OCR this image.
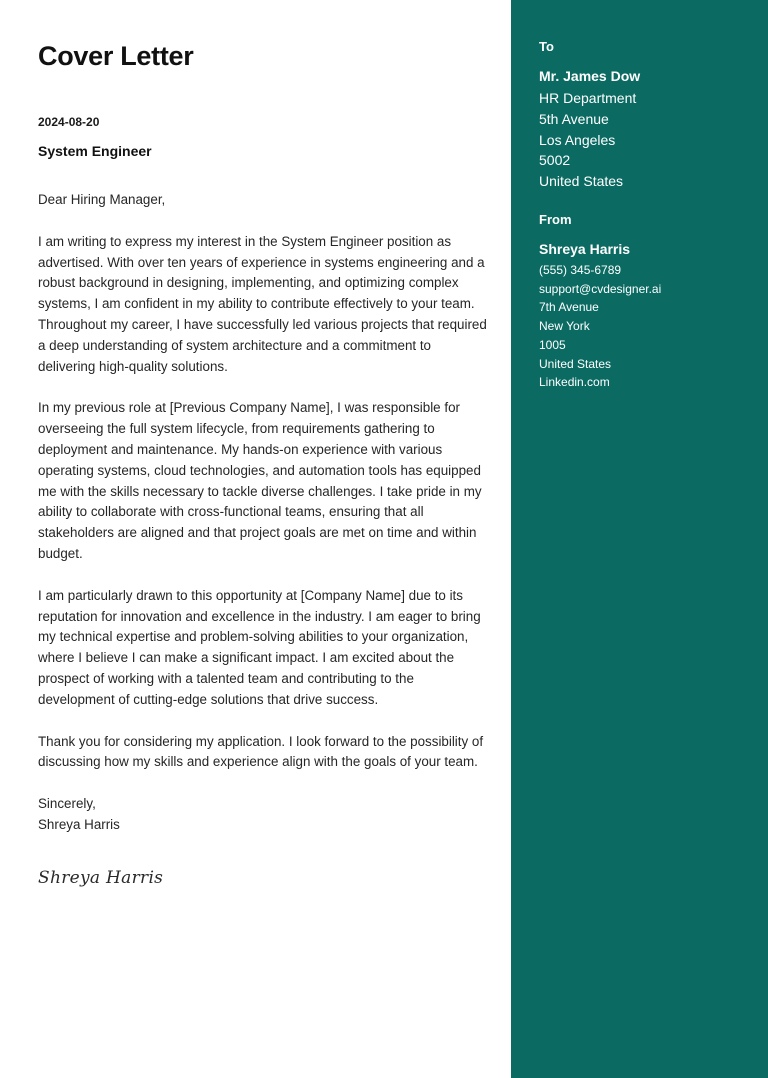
Cover Letter
2024-08-20
System Engineer

Dear Hiring Manager,

I am writing to express my interest in the System Engineer position as advertised. With over ten years of experience in systems engineering and a robust background in designing, implementing, and optimizing complex systems, I am confident in my ability to contribute effectively to your team. Throughout my career, I have successfully led various projects that required a deep understanding of system architecture and a commitment to delivering high-quality solutions.

In my previous role at [Previous Company Name], I was responsible for overseeing the full system lifecycle, from requirements gathering to deployment and maintenance. My hands-on experience with various operating systems, cloud technologies, and automation tools has equipped me with the skills necessary to tackle diverse challenges. I take pride in my ability to collaborate with cross-functional teams, ensuring that all stakeholders are aligned and that project goals are met on time and within budget.

I am particularly drawn to this opportunity at [Company Name] due to its reputation for innovation and excellence in the industry. I am eager to bring my technical expertise and problem-solving abilities to your organization, where I believe I can make a significant impact. I am excited about the prospect of working with a talented team and contributing to the development of cutting-edge solutions that drive success.

Thank you for considering my application. I look forward to the possibility of discussing how my skills and experience align with the goals of your team.

Sincerely,
Shreya Harris
Shreya Harris
To
Mr. James Dow
HR Department
5th Avenue
Los Angeles
5002
United States
From
Shreya Harris
(555) 345-6789
support@cvdesigner.ai
7th Avenue
New York
1005
United States
Linkedin.com
